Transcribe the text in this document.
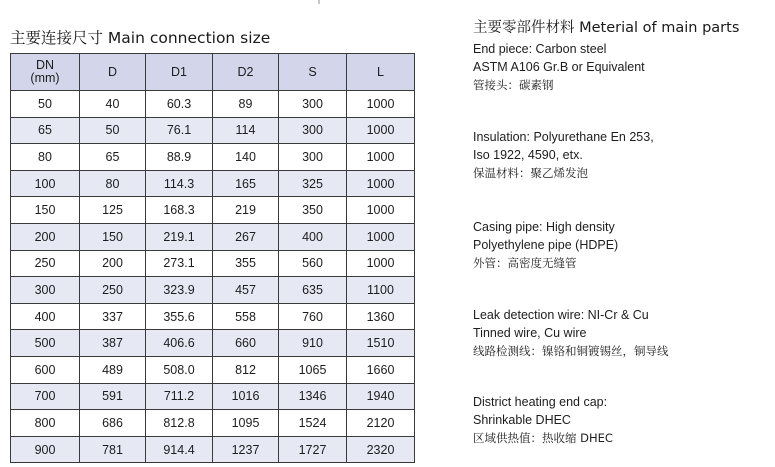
主要连接尺寸 Main connection size
DN
(mm)	D	D1	D2	S	L
50	40	60.3	89	300	1000
65	50	76.1	114	300	1000
80	65	88.9	140	300	1000
100	80	114.3	165	325	1000
150	125	168.3	219	350	1000
200	150	219.1	267	400	1000
250	200	273.1	355	560	1000
300	250	323.9	457	635	1100
400	337	355.6	558	760	1360
500	387	406.6	660	910	1510
600	489	508.0	812	1065	1660
700	591	711.2	1016	1346	1940
800	686	812.8	1095	1524	2120
900	781	914.4	1237	1727	2320
主要零部件材料 Meterial of main parts
End piece: Carbon steel
ASTM A106 Gr.B or Equivalent
管接头：碳素钢
Insulation: Polyurethane En 253,
Iso 1922, 4590, etx.
保温材料：聚乙烯发泡
Casing pipe: High density
Polyethylene pipe (HDPE)
外管：高密度无缝管
Leak detection wire: NI-Cr & Cu
Tinned wire, Cu wire
线路检测线：镍铬和铜镀锡丝，铜导线
District heating end cap:
Shrinkable DHEC
区域供热值：热收缩 DHEC
